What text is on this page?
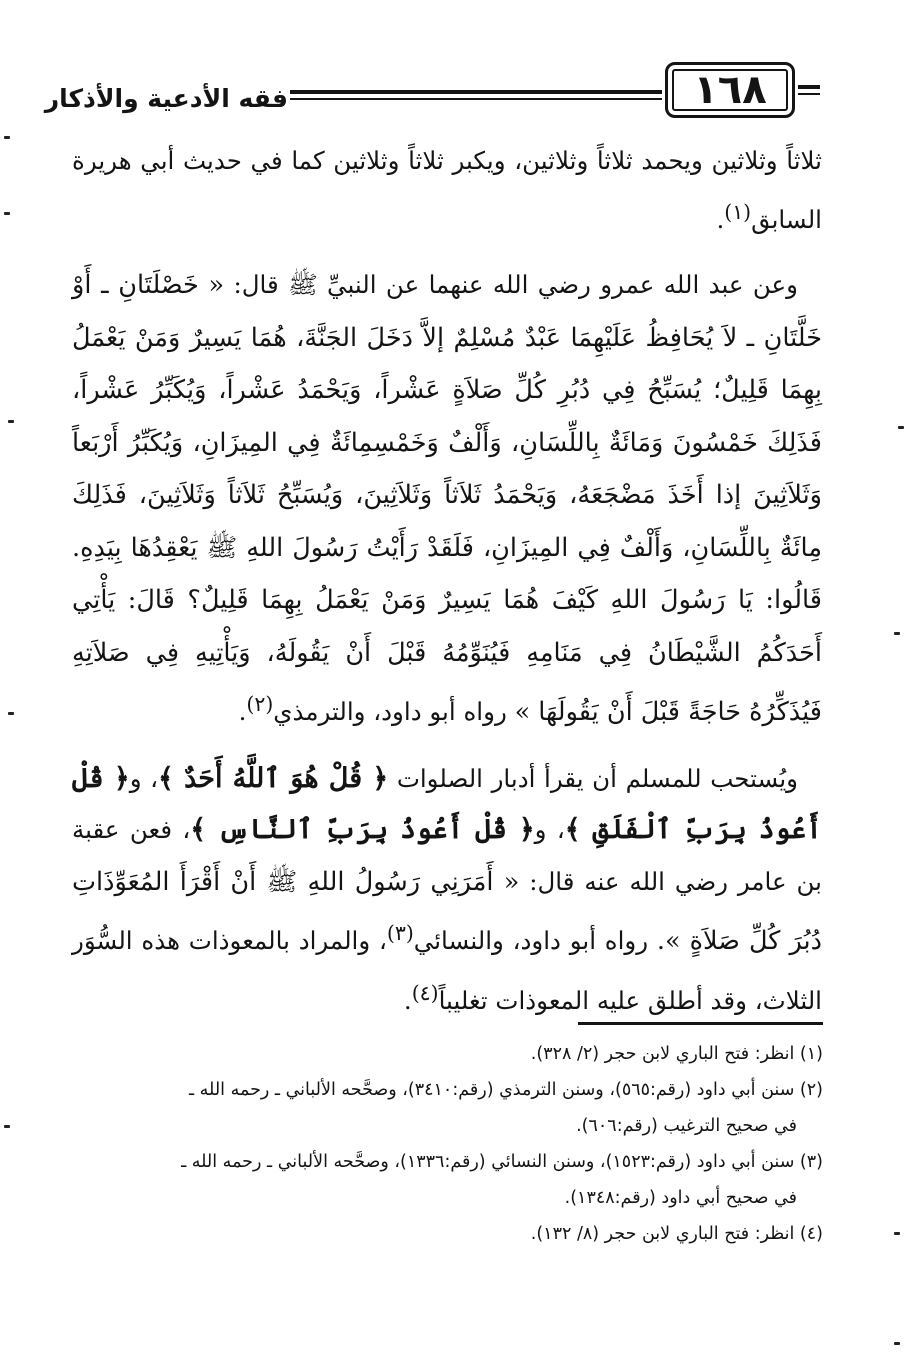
فقه الأدعية والأذكار	١٦٨

ثلاثاً وثلاثين ويحمد ثلاثاً وثلاثين، ويكبر ثلاثاً وثلاثين كما في حديث أبي هريرة السابق$^{(١)}$.

وعن عبد الله عمرو رضي الله عنهما عن النبيِّ ﷺ قال: « خَصْلَتَانِ ـ أَوْ خَلَّتَانِ ـ لاَ يُحَافِظُ عَلَيْهِمَا عَبْدٌ مُسْلِمٌ إلاَّ دَخَلَ الجَنَّةَ، هُمَا يَسِيرٌ وَمَنْ يَعْمَلُ بِهِمَا قَلِيلٌ؛ يُسَبِّحُ فِي دُبُرِ كُلِّ صَلاَةٍ عَشْراً، وَيَحْمَدُ عَشْراً، وَيُكَبِّرُ عَشْراً، فَذَلِكَ خَمْسُونَ وَمَائَةٌ بِاللِّسَانِ، وَأَلْفٌ وَخَمْسِمِائَةٌ فِي المِيزَانِ، وَيُكَبِّرُ أَرْبَعاً وَثَلاَثِينَ إذا أَخَذَ مَضْجَعَهُ، وَيَحْمَدُ ثَلاَثاً وَثَلاَثِينَ، وَيُسَبِّحُ ثَلاَثاً وَثَلاَثِينَ، فَذَلِكَ مِائَةٌ بِاللِّسَانِ، وَأَلْفٌ فِي المِيزَانِ، فَلَقَدْ رَأَيْتُ رَسُولَ اللهِ ﷺ يَعْقِدُهَا بِيَدِهِ. قَالُوا: يَا رَسُولَ اللهِ كَيْفَ هُمَا يَسِيرٌ وَمَنْ يَعْمَلُ بِهِمَا قَلِيلٌ؟ قَالَ: يَأْتِي أَحَدَكُمُ الشَّيْطَانُ فِي مَنَامِهِ فَيُنَوِّمُهُ قَبْلَ أَنْ يَقُولَهُ، وَيَأْتِيهِ فِي صَلاَتِهِ فَيُذَكِّرُهُ حَاجَةً قَبْلَ أَنْ يَقُولَهَا » رواه أبو داود، والترمذي$^{(٢)}$.

ويُستحب للمسلم أن يقرأ أدبار الصلوات ﴿ قُلْ هُوَ ٱللَّهُ أَحَدٌ ﴾، و﴿ قُلْ أَعُوذُ بِرَبِّ ٱلْفَلَقِ ﴾، و﴿ قُلْ أَعُوذُ بِرَبِّ ٱلنَّاسِ ﴾، فعن عقبة بن عامر رضي الله عنه قال: « أَمَرَنِي رَسُولُ اللهِ ﷺ أَنْ أَقْرَأَ المُعَوِّذَاتِ دُبُرَ كُلِّ صَلاَةٍ ». رواه أبو داود، والنسائي$^{(٣)}$، والمراد بالمعوذات هذه السُّوَر الثلاث، وقد أطلق عليه المعوذات تغليباً$^{(٤)}$.

(١) انظر: فتح الباري لابن حجر (٢/ ٣٢٨).

(٢) سنن أبي داود (رقم:٥٦٥)، وسنن الترمذي (رقم:٣٤١٠)، وصحَّحه الألباني ـ رحمه الله ـ
في صحيح الترغيب (رقم:٦٠٦).

(٣) سنن أبي داود (رقم:١٥٢٣)، وسنن النسائي (رقم:١٣٣٦)، وصحَّحه الألباني ـ رحمه الله ـ
في صحيح أبي داود (رقم:١٣٤٨).

(٤) انظر: فتح الباري لابن حجر (٨/ ١٣٢).
